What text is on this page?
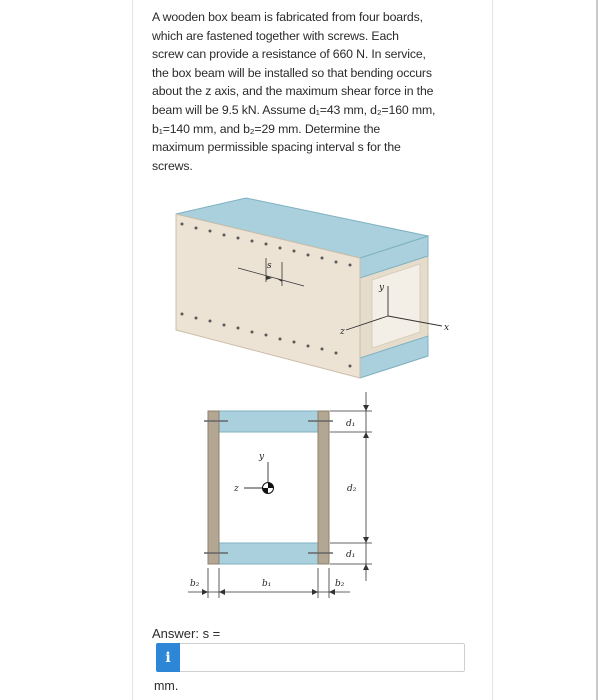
A wooden box beam is fabricated from four boards,
which are fastened together with screws. Each
screw can provide a resistance of 660 N. In service,
the box beam will be installed so that bending occurs
about the z axis, and the maximum shear force in the
beam will be 9.5 kN. Assume d₁=43 mm, d₂=160 mm,
b₁=140 mm, and b₂=29 mm. Determine the
maximum permissible spacing interval s for the
screws.
s
y
z	x
y
z
d₁
d₂
d₁
b₂	b₁	b₂
Answer: s =
i
mm.
